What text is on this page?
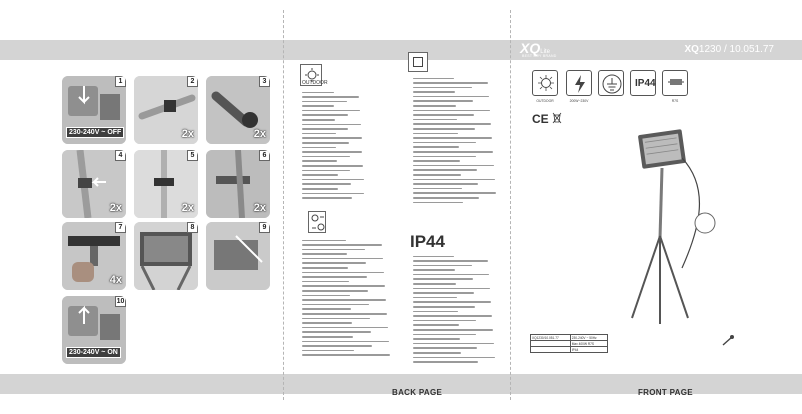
1
230-240V ~ OFF
2
2x
3
2x
4
2x
5
2x
6
2x
7
4x
8	9
10
230-240V ~ ON
OUTDOOR
IP44
XQLite
BEST BUY BRAND
XQ1230 / 10.051.77
OUTDOOR	200W~230V
IP44
R7S
CE
XQ1230/10.051.77	230-240V ~ 50Hz
	Max 400W R7S
	IP44
BACK PAGE	FRONT PAGE
